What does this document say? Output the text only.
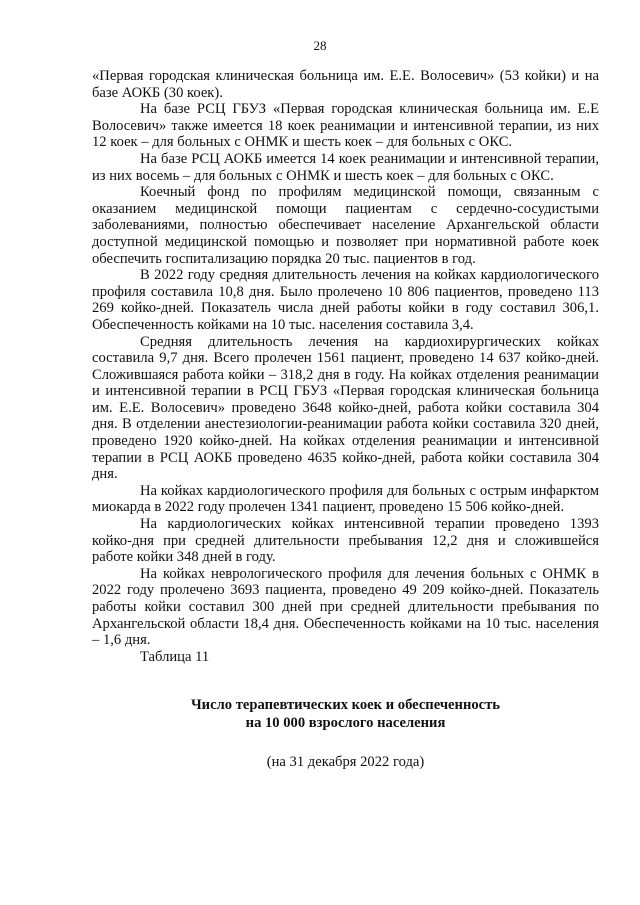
28

«Первая городская клиническая больница им. Е.Е. Волосевич» (53 койки) и на базе АОКБ (30 коек).

На базе РСЦ ГБУЗ «Первая городская клиническая больница им. Е.Е Волосевич» также имеется 18 коек реанимации и интенсивной терапии, из них 12 коек – для больных с ОНМК и шесть коек – для больных с ОКС.

На базе РСЦ АОКБ имеется 14 коек реанимации и интенсивной терапии, из них восемь – для больных с ОНМК и шесть коек – для больных с ОКС.

Коечный фонд по профилям медицинской помощи, связанным с оказанием медицинской помощи пациентам с сердечно-сосудистыми заболеваниями, полностью обеспечивает население Архангельской области доступной медицинской помощью и позволяет при нормативной работе коек обеспечить госпитализацию порядка 20 тыс. пациентов в год.

В 2022 году средняя длительность лечения на койках кардиологического профиля составила 10,8 дня. Было пролечено 10 806 пациентов, проведено 113 269 койко-дней. Показатель числа дней работы койки в году составил 306,1. Обеспеченность койками на 10 тыс. населения составила 3,4.

Средняя длительность лечения на кардиохирургических койках составила 9,7 дня. Всего пролечен 1561 пациент, проведено 14 637 койко-дней. Сложившаяся работа койки – 318,2 дня в году. На койках отделения реанимации и интенсивной терапии в РСЦ ГБУЗ «Первая городская клиническая больница им. Е.Е. Волосевич» проведено 3648 койко-дней, работа койки составила 304 дня. В отделении анестезиологии-реанимации работа койки составила 320 дней, проведено 1920 койко-дней. На койках отделения реанимации и интенсивной терапии в РСЦ АОКБ проведено 4635 койко-дней, работа койки составила 304 дня.

На койках кардиологического профиля для больных с острым инфарктом миокарда в 2022 году пролечен 1341 пациент, проведено 15 506 койко-дней.

На кардиологических койках интенсивной терапии проведено 1393 койко-дня при средней длительности пребывания 12,2 дня и сложившейся работе койки 348 дней в году.

На койках неврологического профиля для лечения больных с ОНМК в 2022 году пролечено 3693 пациента, проведено 49 209 койко-дней. Показатель работы койки составил 300 дней при средней длительности пребывания по Архангельской области 18,4 дня. Обеспеченность койками на 10 тыс. населения – 1,6 дня.

Таблица 11

Число терапевтических коек и обеспеченность
на 10 000 взрослого населения
(на 31 декабря 2022 года)
